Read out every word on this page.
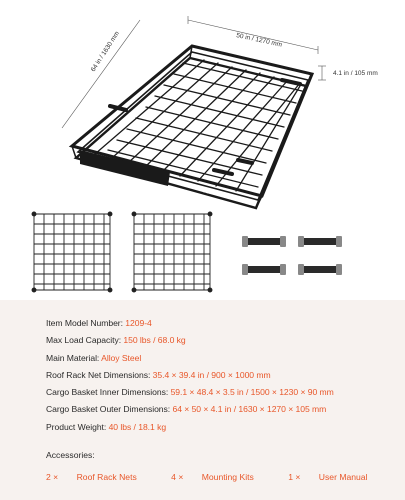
50 in / 1270 mm
64 in / 1630 mm
4.1 in / 105 mm
VEVOR
Item Model Number: 1209-4
Max Load Capacity: 150 lbs / 68.0 kg
Main Material: Alloy Steel
Roof Rack Net Dimensions: 35.4 × 39.4 in / 900 × 1000 mm
Cargo Basket Inner Dimensions: 59.1 × 48.4 × 3.5 in / 1500 × 1230 × 90 mm
Cargo Basket Outer Dimensions: 64 × 50 × 4.1 in / 1630 × 1270 × 105 mm
Product Weight: 40 lbs / 18.1 kg
Accessories:
2 × Roof Rack Nets	4 × Mounting Kits	1 × User Manual
